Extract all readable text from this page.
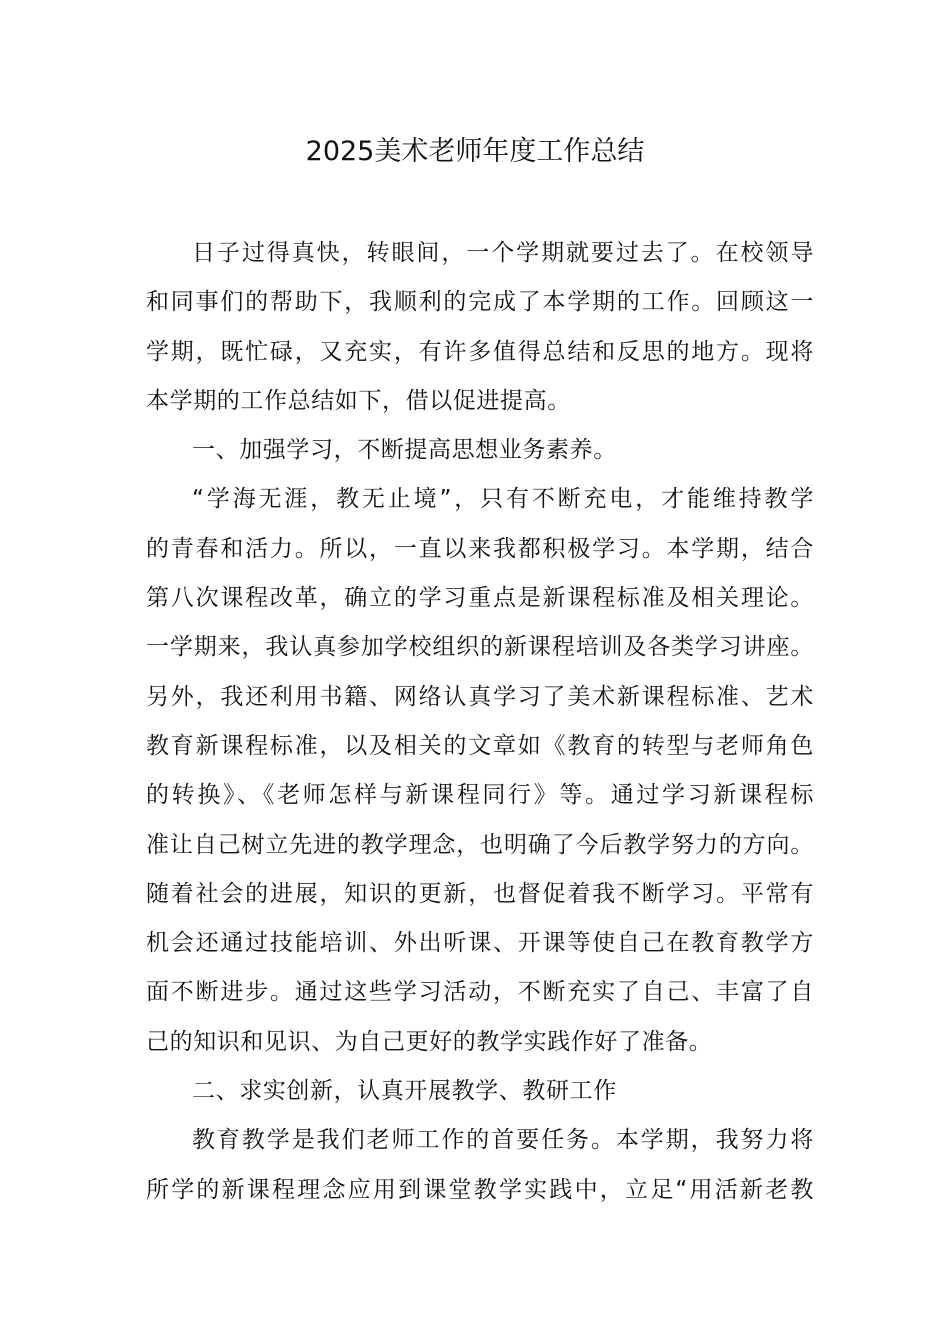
2025美术老师年度工作总结
日子过得真快，转眼间，一个学期就要过去了。在校领导
和同事们的帮助下，我顺利的完成了本学期的工作。回顾这一
学期，既忙碌，又充实，有许多值得总结和反思的地方。现将
本学期的工作总结如下，借以促进提高。
一、加强学习，不断提高思想业务素养。
“学海无涯，教无止境”，只有不断充电，才能维持教学
的青春和活力。所以，一直以来我都积极学习。本学期，结合
第八次课程改革，确立的学习重点是新课程标准及相关理论。
一学期来，我认真参加学校组织的新课程培训及各类学习讲座。
另外，我还利用书籍、网络认真学习了美术新课程标准、艺术
教育新课程标准，以及相关的文章如《教育的转型与老师角色
的转换》、《老师怎样与新课程同行》等。通过学习新课程标
准让自己树立先进的教学理念，也明确了今后教学努力的方向。
随着社会的进展，知识的更新，也督促着我不断学习。平常有
机会还通过技能培训、外出听课、开课等使自己在教育教学方
面不断进步。通过这些学习活动，不断充实了自己、丰富了自
己的知识和见识、为自己更好的教学实践作好了准备。
二、求实创新，认真开展教学、教研工作
教育教学是我们老师工作的首要任务。本学期，我努力将
所学的新课程理念应用到课堂教学实践中，立足“用活新老教
